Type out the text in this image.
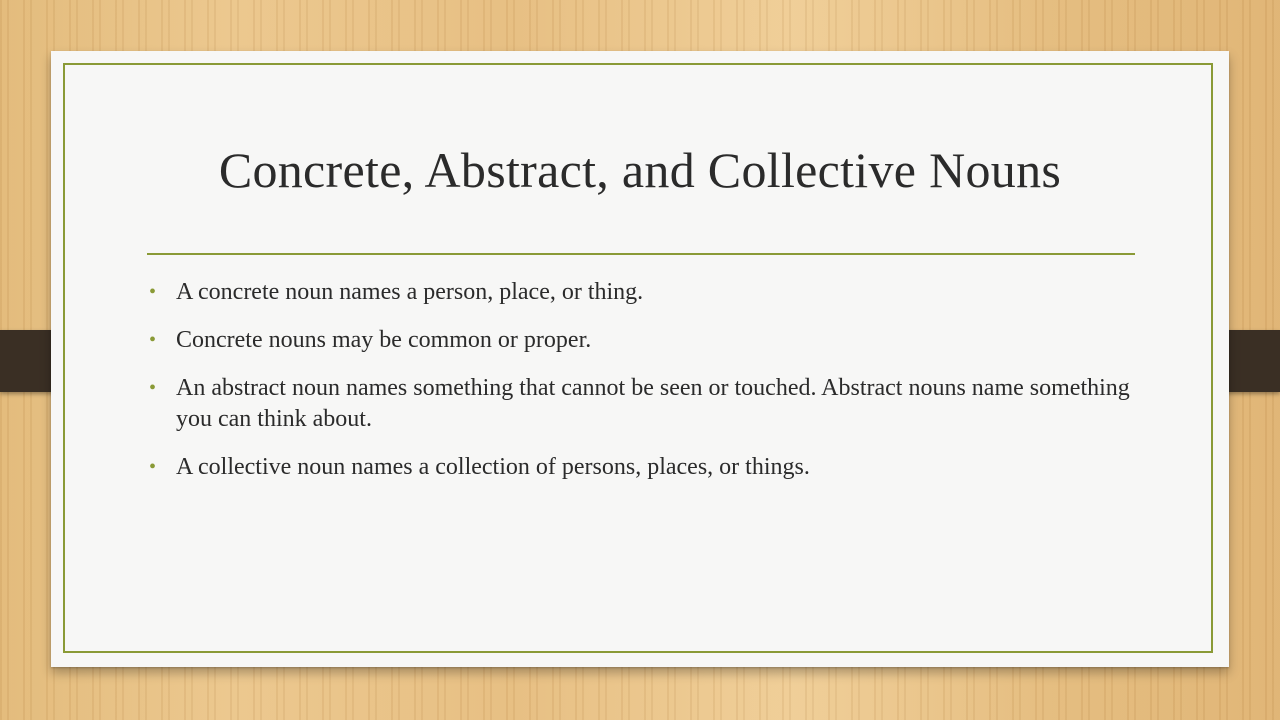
Concrete, Abstract, and Collective Nouns
• A concrete noun names a person, place, or thing.
• Concrete nouns may be common or proper.
• An abstract noun names something that cannot be seen or touched. Abstract nouns name something you can think about.
• A collective noun names a collection of persons, places, or things.
